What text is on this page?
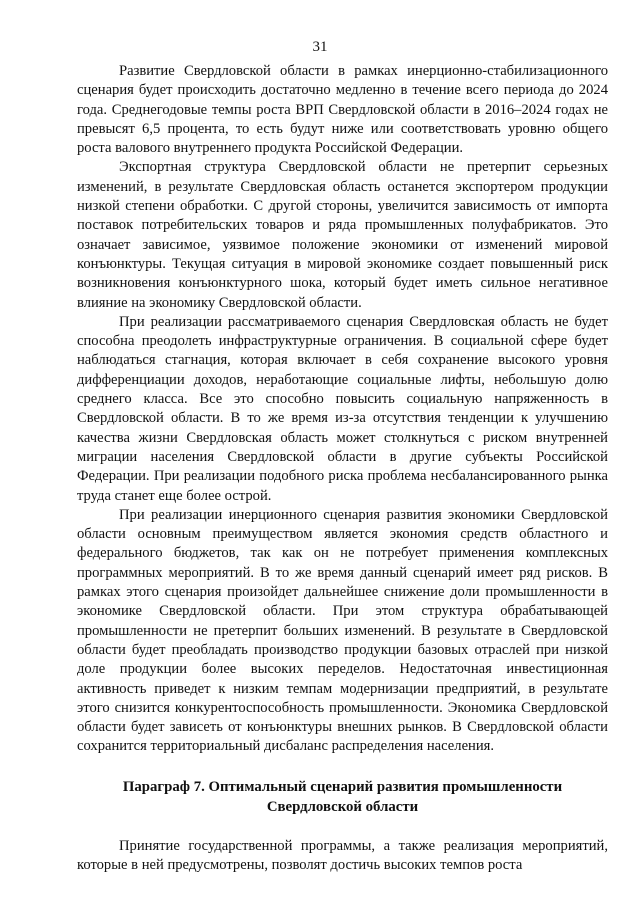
31

Развитие Свердловской области в рамках инерционно-стабилизационного сценария будет происходить достаточно медленно в течение всего периода до 2024 года. Среднегодовые темпы роста ВРП Свердловской области в 2016–2024 годах не превысят 6,5 процента, то есть будут ниже или соответствовать уровню общего роста валового внутреннего продукта Российской Федерации.

Экспортная структура Свердловской области не претерпит серьезных изменений, в результате Свердловская область останется экспортером продукции низкой степени обработки. С другой стороны, увеличится зависимость от импорта поставок потребительских товаров и ряда промышленных полуфабрикатов. Это означает зависимое, уязвимое положение экономики от изменений мировой конъюнктуры. Текущая ситуация в мировой экономике создает повышенный риск возникновения конъюнктурного шока, который будет иметь сильное негативное влияние на экономику Свердловской области.

При реализации рассматриваемого сценария Свердловская область не будет способна преодолеть инфраструктурные ограничения. В социальной сфере будет наблюдаться стагнация, которая включает в себя сохранение высокого уровня дифференциации доходов, неработающие социальные лифты, небольшую долю среднего класса. Все это способно повысить социальную напряженность в Свердловской области. В то же время из-за отсутствия тенденции к улучшению качества жизни Свердловская область может столкнуться с риском внутренней миграции населения Свердловской области в другие субъекты Российской Федерации. При реализации подобного риска проблема несбалансированного рынка труда станет еще более острой.

При реализации инерционного сценария развития экономики Свердловской области основным преимуществом является экономия средств областного и федерального бюджетов, так как он не потребует применения комплексных программных мероприятий. В то же время данный сценарий имеет ряд рисков. В рамках этого сценария произойдет дальнейшее снижение доли промышленности в экономике Свердловской области. При этом структура обрабатывающей промышленности не претерпит больших изменений. В результате в Свердловской области будет преобладать производство продукции базовых отраслей при низкой доле продукции более высоких переделов. Недостаточная инвестиционная активность приведет к низким темпам модернизации предприятий, в результате этого снизится конкурентоспособность промышленности. Экономика Свердловской области будет зависеть от конъюнктуры внешних рынков. В Свердловской области сохранится территориальный дисбаланс распределения населения.

Параграф 7. Оптимальный сценарий развития промышленности
Свердловской области

Принятие государственной программы, а также реализация мероприятий, которые в ней предусмотрены, позволят достичь высоких темпов роста
